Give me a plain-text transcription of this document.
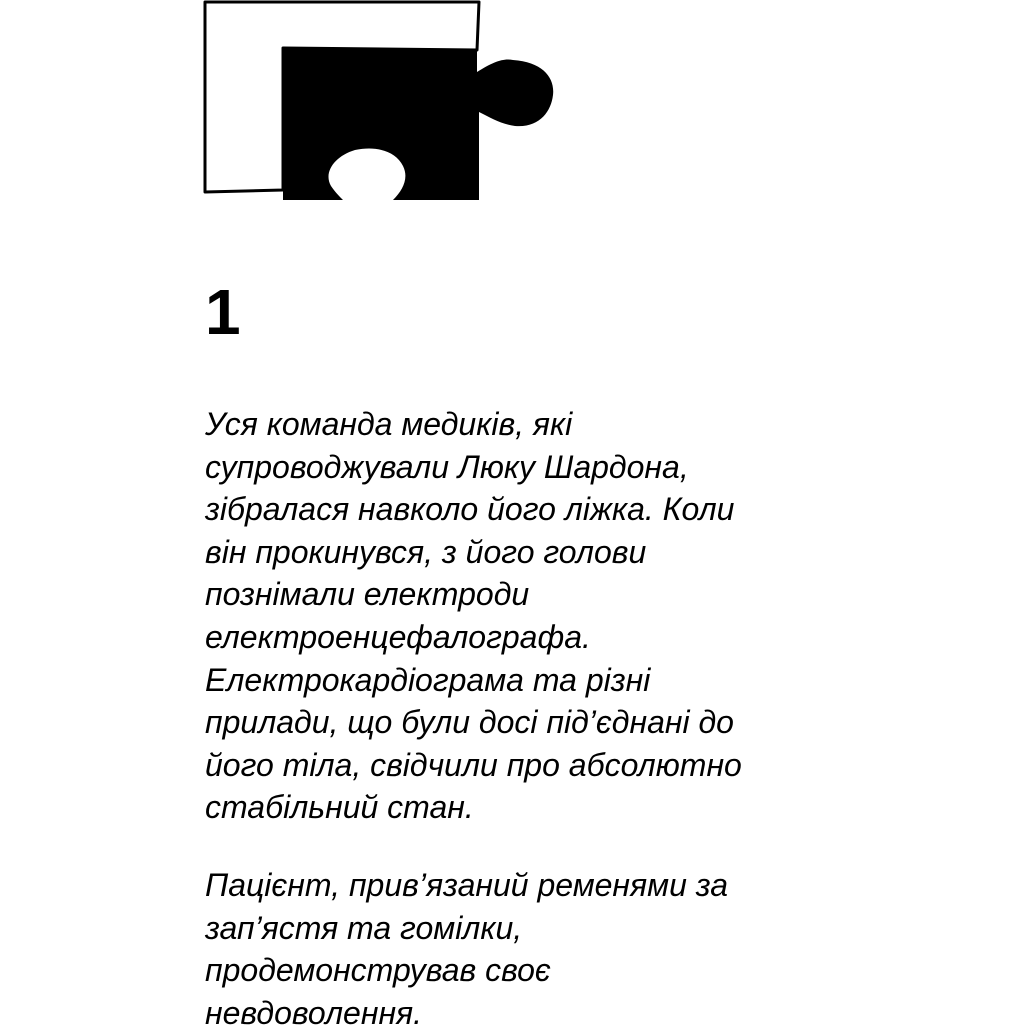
1

Уся команда медиків, які
супроводжували Люку Шардона,
зібралася навколо його ліжка. Коли
він прокинувся, з його голови
познімали електроди
електроенцефалографа.
Електрокардіограма та різні
прилади, що були досі під’єднані до
його тіла, свідчили про абсолютно
стабільний стан.

Пацієнт, прив’язаний ременями за
зап’ястя та гомілки,
продемонстрував своє
невдоволення.
